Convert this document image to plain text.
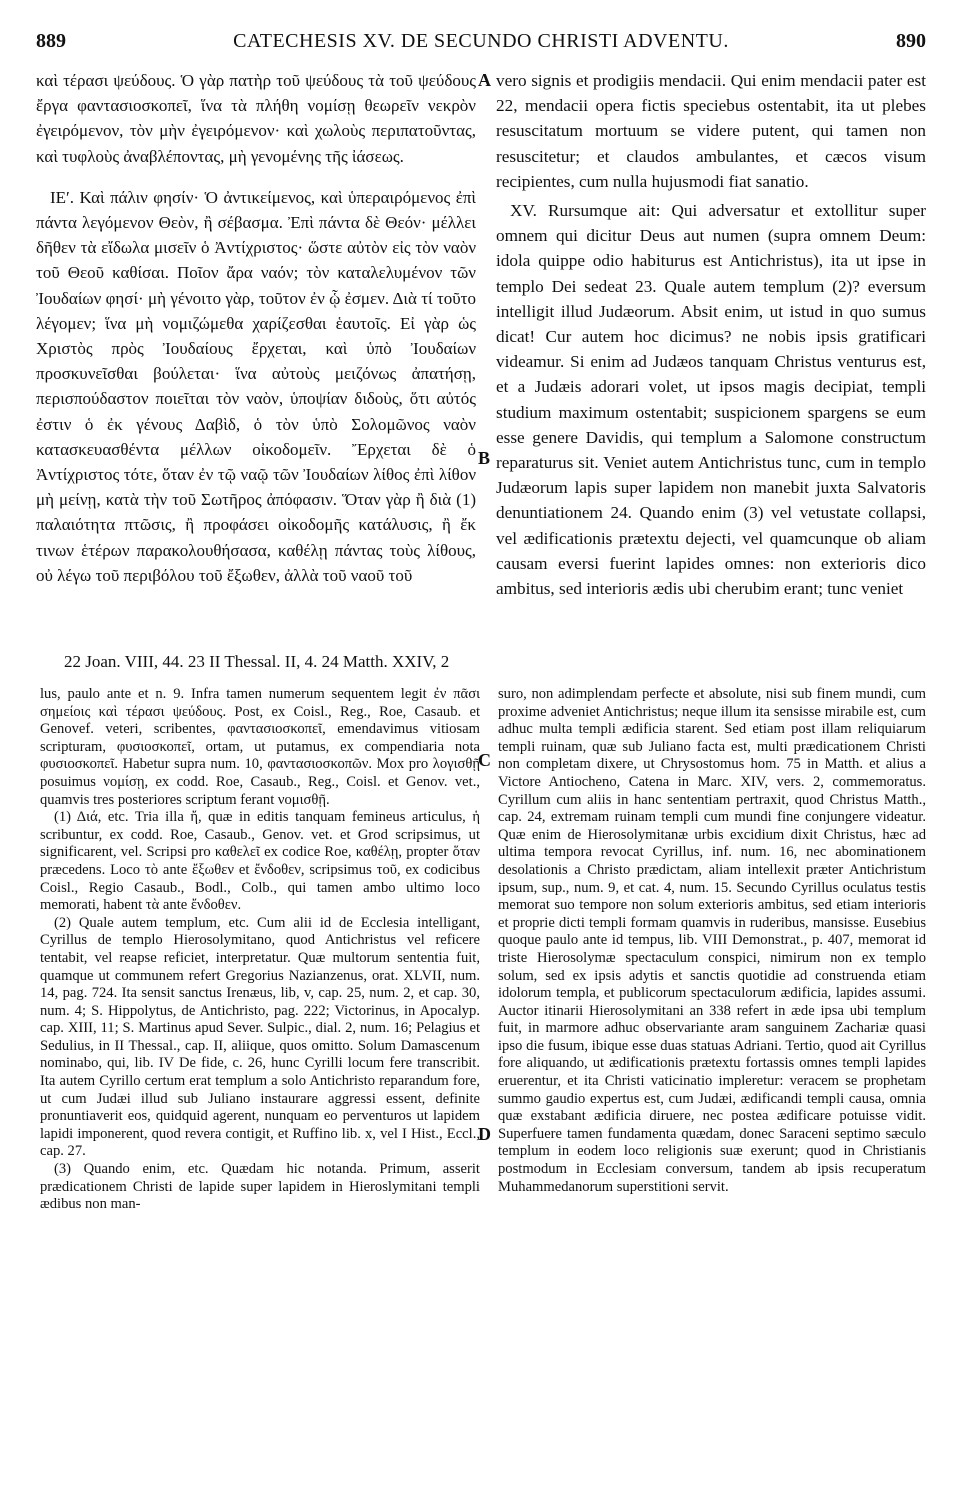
889	CATECHESIS XV. DE SECUNDO CHRISTI ADVENTU.	890

καὶ τέρασι ψεύδους. Ὁ γὰρ πατὴρ τοῦ ψεύδους τὰ τοῦ ψεύδους ἔργα φαντασιοσκοπεῖ, ἵνα τὰ πλήθη νομίσῃ θεωρεῖν νεκρὸν ἐγειρόμενον, τὸν μὴν ἐγειρόμενον· καὶ χωλοὺς περιπατοῦντας, καὶ τυφλοὺς ἀναβλέποντας, μὴ γενομένης τῆς ἰάσεως.

ΙΕʹ. Καὶ πάλιν φησίν· Ὁ ἀντικείμενος, καὶ ὑπεραιρόμενος ἐπὶ πάντα λεγόμενον Θεὸν, ἢ σέβασμα. Ἐπὶ πάντα δὲ Θεόν· μέλλει δῆθεν τὰ εἴδωλα μισεῖν ὁ Ἀντίχριστος· ὥστε αὐτὸν εἰς τὸν ναὸν τοῦ Θεοῦ καθίσαι. Ποῖον ἄρα ναόν; τὸν καταλελυμένον τῶν Ἰουδαίων φησί· μὴ γένοιτο γὰρ, τοῦτον ἐν ᾧ ἐσμεν. Διὰ τί τοῦτο λέγομεν; ἵνα μὴ νομιζώμεθα χαρίζεσθαι ἑαυτοῖς. Εἰ γὰρ ὡς Χριστὸς πρὸς Ἰουδαίους ἔρχεται, καὶ ὑπὸ Ἰουδαίων προσκυνεῖσθαι βούλεται· ἵνα αὐτοὺς μειζόνως ἀπατήσῃ, περισπούδαστον ποιεῖται τὸν ναὸν, ὑποψίαν διδοὺς, ὅτι αὐτός ἐστιν ὁ ἐκ γένους Δαβὶδ, ὁ τὸν ὑπὸ Σολομῶνος ναὸν κατασκευασθέντα μέλλων οἰκοδομεῖν. Ἔρχεται δὲ ὁ Ἀντίχριστος τότε, ὅταν ἐν τῷ ναῷ τῶν Ἰουδαίων λίθος ἐπὶ λίθον μὴ μείνῃ, κατὰ τὴν τοῦ Σωτῆρος ἀπόφασιν. Ὅταν γὰρ ἢ διὰ (1) παλαιότητα πτῶσις, ἢ προφάσει οἰκοδομῆς κατάλυσις, ἢ ἔκ τινων ἑτέρων παρακολουθήσασα, καθέλῃ πάντας τοὺς λίθους, οὐ λέγω τοῦ περιβόλου τοῦ ἔξωθεν, ἀλλὰ τοῦ ναοῦ τοῦ

A
B
C
D

vero signis et prodigiis mendacii. Qui enim mendacii pater est 22, mendacii opera fictis speciebus ostentabit, ita ut plebes resuscitatum mortuum se videre putent, qui tamen non resuscitetur; et claudos ambulantes, et cæcos visum recipientes, cum nulla hujusmodi fiat sanatio.

XV. Rursumque ait: Qui adversatur et extollitur super omnem qui dicitur Deus aut numen (supra omnem Deum: idola quippe odio habiturus est Antichristus), ita ut ipse in templo Dei sedeat 23. Quale autem templum (2)? eversum intelligit illud Judæorum. Absit enim, ut istud in quo sumus dicat! Cur autem hoc dicimus? ne nobis ipsis gratificari videamur. Si enim ad Judæos tanquam Christus venturus est, et a Judæis adorari volet, ut ipsos magis decipiat, templi studium maximum ostentabit; suspicionem spargens se eum esse genere Davidis, qui templum a Salomone constructum reparaturus sit. Veniet autem Antichristus tunc, cum in templo Judæorum lapis super lapidem non manebit juxta Salvatoris denuntiationem 24. Quando enim (3) vel vetustate collapsi, vel ædificationis prætextu dejecti, vel quamcunque ob aliam causam eversi fuerint lapides omnes: non exterioris dico ambitus, sed interioris ædis ubi cherubim erant; tunc veniet

22 Joan. VIII, 44. 23 II Thessal. II, 4. 24 Matth. XXIV, 2

lus, paulo ante et n. 9. Infra tamen numerum sequentem legit ἐν πᾶσι σημείοις καὶ τέρασι ψεύδους. Post, ex Coisl., Reg., Roe, Casaub. et Genovef. veteri, scribentes, φαντασιοσκοπεῖ, emendavimus vitiosam scripturam, φυσιοσκοπεῖ, ortam, ut putamus, ex compendiaria nota φυσιοσκοπεῖ. Habetur supra num. 10, φαντασιοσκοπῶν. Mox pro λογισθῇ posuimus νομίσῃ, ex codd. Roe, Casaub., Reg., Coisl. et Genov. vet., quamvis tres posteriores scriptum ferant νομισθῇ.

(1) Διά, etc. Tria illa ἤ, quæ in editis tanquam femineus articulus, ἡ scribuntur, ex codd. Roe, Casaub., Genov. vet. et Grod scripsimus, ut significarent, vel. Scripsi pro καθελεῖ ex codice Roe, καθέλῃ, propter ὅταν præcedens. Loco τὸ ante ἔξωθεν et ἔνδοθεν, scripsimus τοῦ, ex codicibus Coisl., Regio Casaub., Bodl., Colb., qui tamen ambo ultimo loco memorati, habent τὰ ante ἔνδοθεν.

(2) Quale autem templum, etc. Cum alii id de Ecclesia intelligant, Cyrillus de templo Hierosolymitano, quod Antichristus vel reficere tentabit, vel reapse reficiet, interpretatur. Quæ multorum sententia fuit, quamque ut communem refert Gregorius Nazianzenus, orat. XLVII, num. 14, pag. 724. Ita sensit sanctus Irenæus, lib, v, cap. 25, num. 2, et cap. 30, num. 4; S. Hippolytus, de Antichristo, pag. 222; Victorinus, in Apocalyp. cap. XIII, 11; S. Martinus apud Sever. Sulpic., dial. 2, num. 16; Pelagius et Sedulius, in II Thessal., cap. II, aliique, quos omitto. Solum Damascenum nominabo, qui, lib. IV De fide, c. 26, hunc Cyrilli locum fere transcribit. Ita autem Cyrillo certum erat templum a solo Antichristo reparandum fore, ut cum Judæi illud sub Juliano instaurare aggressi essent, definite pronuntiaverit eos, quidquid agerent, nunquam eo perventuros ut lapidem lapidi imponerent, quod revera contigit, et Ruffino lib. x, vel I Hist., Eccl., cap. 27.

(3) Quando enim, etc. Quædam hic notanda. Primum, asserit prædicationem Christi de lapide super lapidem in Hieroslymitani templi ædibus non man-

suro, non adimplendam perfecte et absolute, nisi sub finem mundi, cum proxime adveniet Antichristus; neque illum ita sensisse mirabile est, cum adhuc multa templi ædificia starent. Sed etiam post illam reliquiarum templi ruinam, quæ sub Juliano facta est, multi prædicationem Christi non completam dixere, ut Chrysostomus hom. 75 in Matth. et alius a Victore Antiocheno, Catena in Marc. XIV, vers. 2, commemoratus. Cyrillum cum aliis in hanc sententiam pertraxit, quod Christus Matth., cap. 24, extremam ruinam templi cum mundi fine conjungere videatur. Quæ enim de Hierosolymitanæ urbis excidium dixit Christus, hæc ad ultima tempora revocat Cyrillus, inf. num. 16, nec abominationem desolationis a Christo prædictam, aliam intellexit præter Antichristum ipsum, sup., num. 9, et cat. 4, num. 15. Secundo Cyrillus oculatus testis memorat suo tempore non solum exterioris ambitus, sed etiam interioris et proprie dicti templi formam quamvis in ruderibus, mansisse. Eusebius quoque paulo ante id tempus, lib. VIII Demonstrat., p. 407, memorat id triste Hierosolymæ spectaculum conspici, nimirum non ex templo solum, sed ex ipsis adytis et sanctis quotidie ad construenda etiam idolorum templa, et publicorum spectaculorum ædificia, lapides assumi. Auctor itinarii Hierosolymitani an 338 refert in æde ipsa ubi templum fuit, in marmore adhuc observariante aram sanguinem Zachariæ quasi ipso die fusum, ibique esse duas statuas Adriani. Tertio, quod ait Cyrillus fore aliquando, ut ædificationis prætextu fortassis omnes templi lapides eruerentur, et ita Christi vaticinatio impleretur: veracem se prophetam summo gaudio expertus est, cum Judæi, ædificandi templi causa, omnia quæ exstabant ædificia diruere, nec postea ædificare potuisse vidit. Superfuere tamen fundamenta quædam, donec Saraceni septimo sæculo templum in eodem loco religionis suæ exerunt; quod in Christianis postmodum in Ecclesiam conversum, tandem ab ipsis recuperatum Muhammedanorum superstitioni servit.
